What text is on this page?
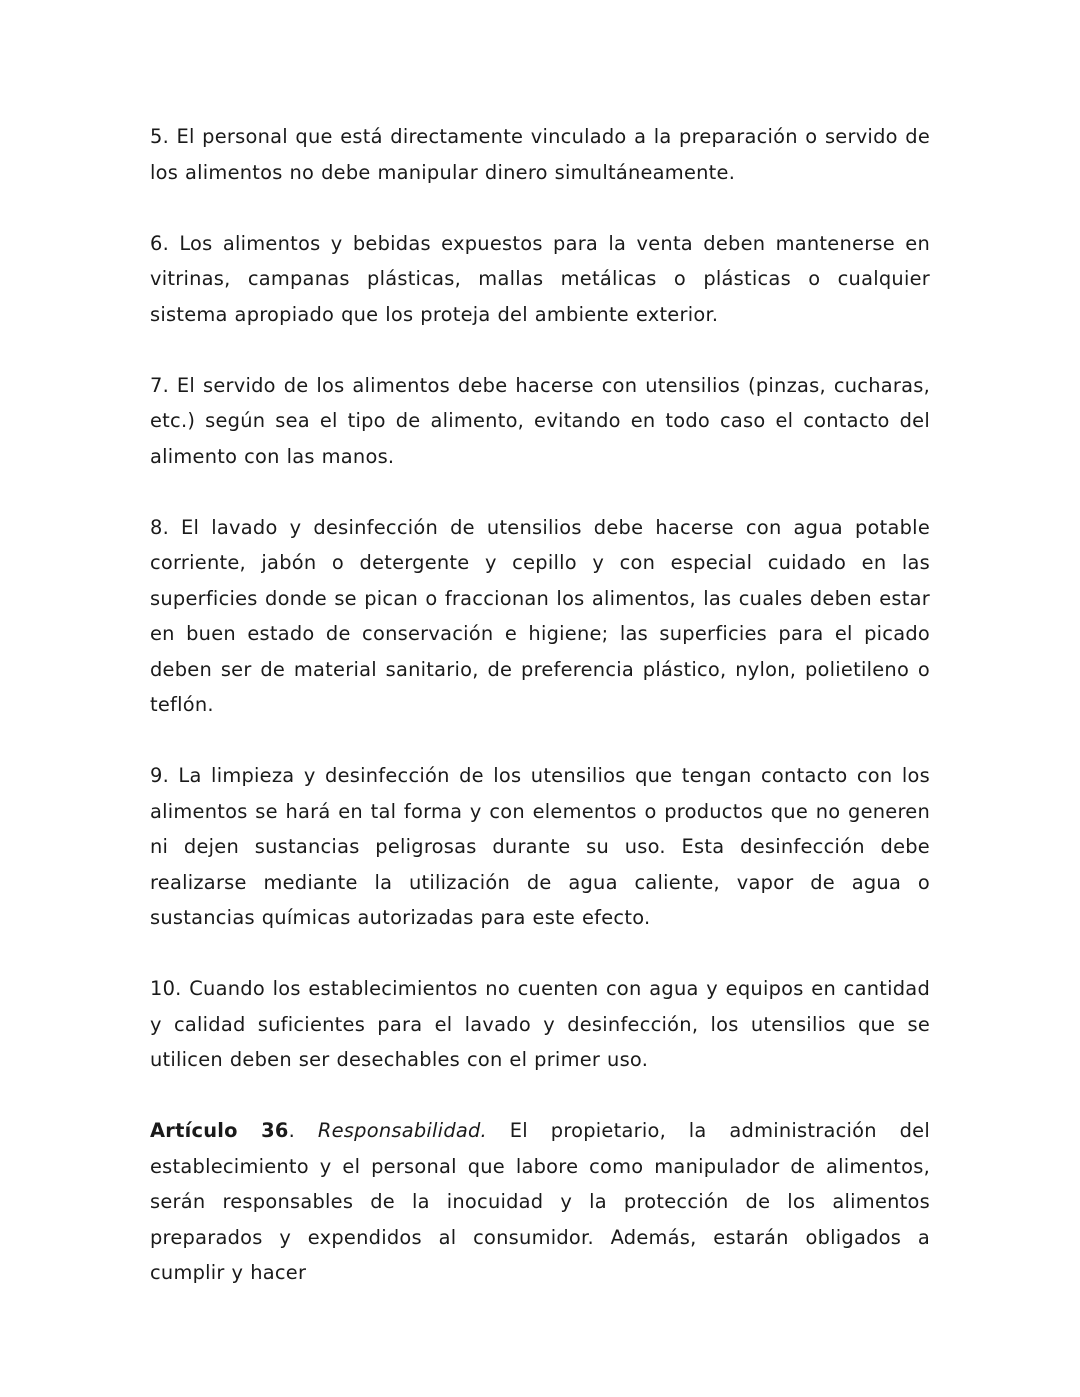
5. El personal que está directamente vinculado a la preparación o servido de los alimentos no debe manipular dinero simultáneamente.

6. Los alimentos y bebidas expuestos para la venta deben mantenerse en vitrinas, campanas plásticas, mallas metálicas o plásticas o cualquier sistema apropiado que los proteja del ambiente exterior.

7. El servido de los alimentos debe hacerse con utensilios (pinzas, cucharas, etc.) según sea el tipo de alimento, evitando en todo caso el contacto del alimento con las manos.

8. El lavado y desinfección de utensilios debe hacerse con agua potable corriente, jabón o detergente y cepillo y con especial cuidado en las superficies donde se pican o fraccionan los alimentos, las cuales deben estar en buen estado de conservación e higiene; las superficies para el picado deben ser de material sanitario, de preferencia plástico, nylon, polietileno o teflón.

9. La limpieza y desinfección de los utensilios que tengan contacto con los alimentos se hará en tal forma y con elementos o productos que no generen ni dejen sustancias peligrosas durante su uso. Esta desinfección debe realizarse mediante la utilización de agua caliente, vapor de agua o sustancias químicas autorizadas para este efecto.

10. Cuando los establecimientos no cuenten con agua y equipos en cantidad y calidad suficientes para el lavado y desinfección, los utensilios que se utilicen deben ser desechables con el primer uso.

Artículo 36. Responsabilidad. El propietario, la administración del establecimiento y el personal que labore como manipulador de alimentos, serán responsables de la inocuidad y la protección de los alimentos preparados y expendidos al consumidor. Además, estarán obligados a cumplir y hacer
